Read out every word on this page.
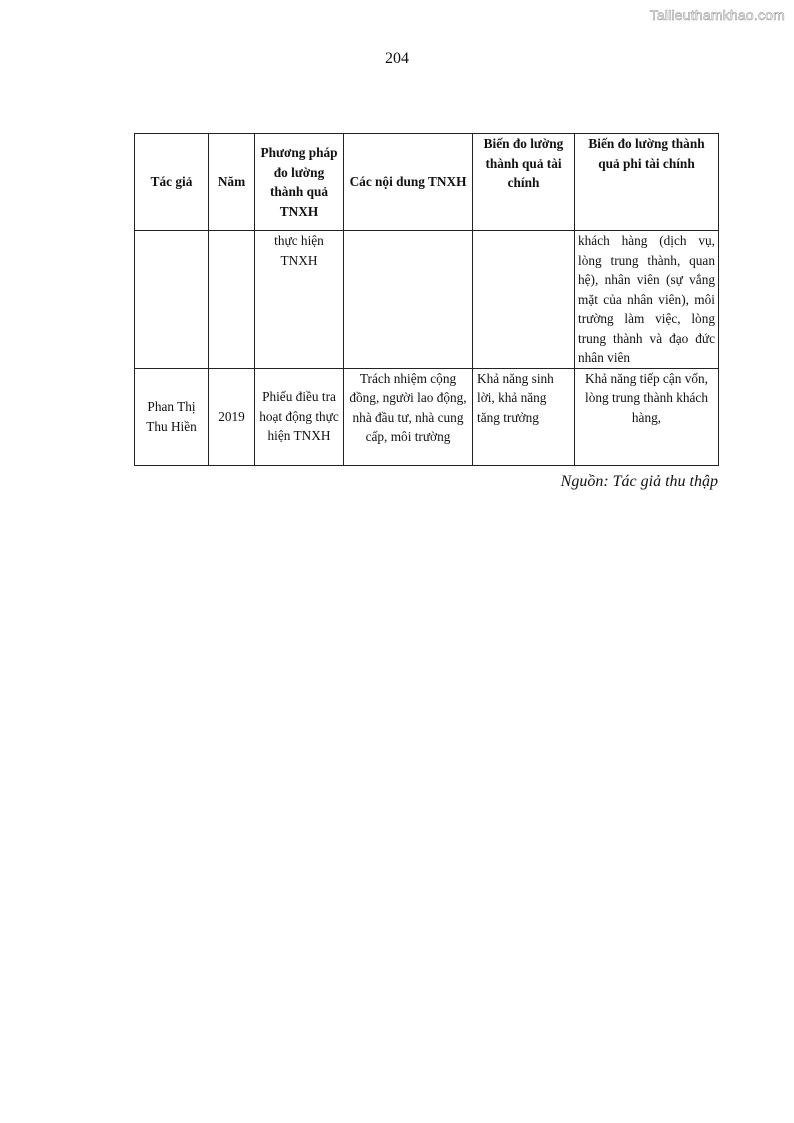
Tailieuthamkhao.com
204
Tác giả	Năm	Phương pháp đo lường thành quả TNXH	Các nội dung TNXH	Biến đo lường thành quả tài chính	Biến đo lường thành quả phi tài chính
		thực hiện TNXH			khách hàng (dịch vụ, lòng trung thành, quan hệ), nhân viên (sự vắng mặt của nhân viên), môi trường làm việc, lòng trung thành và đạo đức nhân viên
Phan Thị Thu Hiền	2019	Phiếu điều tra hoạt động thực hiện TNXH	Trách nhiệm cộng đồng, người lao động, nhà đầu tư, nhà cung cấp, môi trường	Khả năng sinh lời, khả năng tăng trưởng	Khả năng tiếp cận vốn, lòng trung thành khách hàng,
Nguồn: Tác giả thu thập
